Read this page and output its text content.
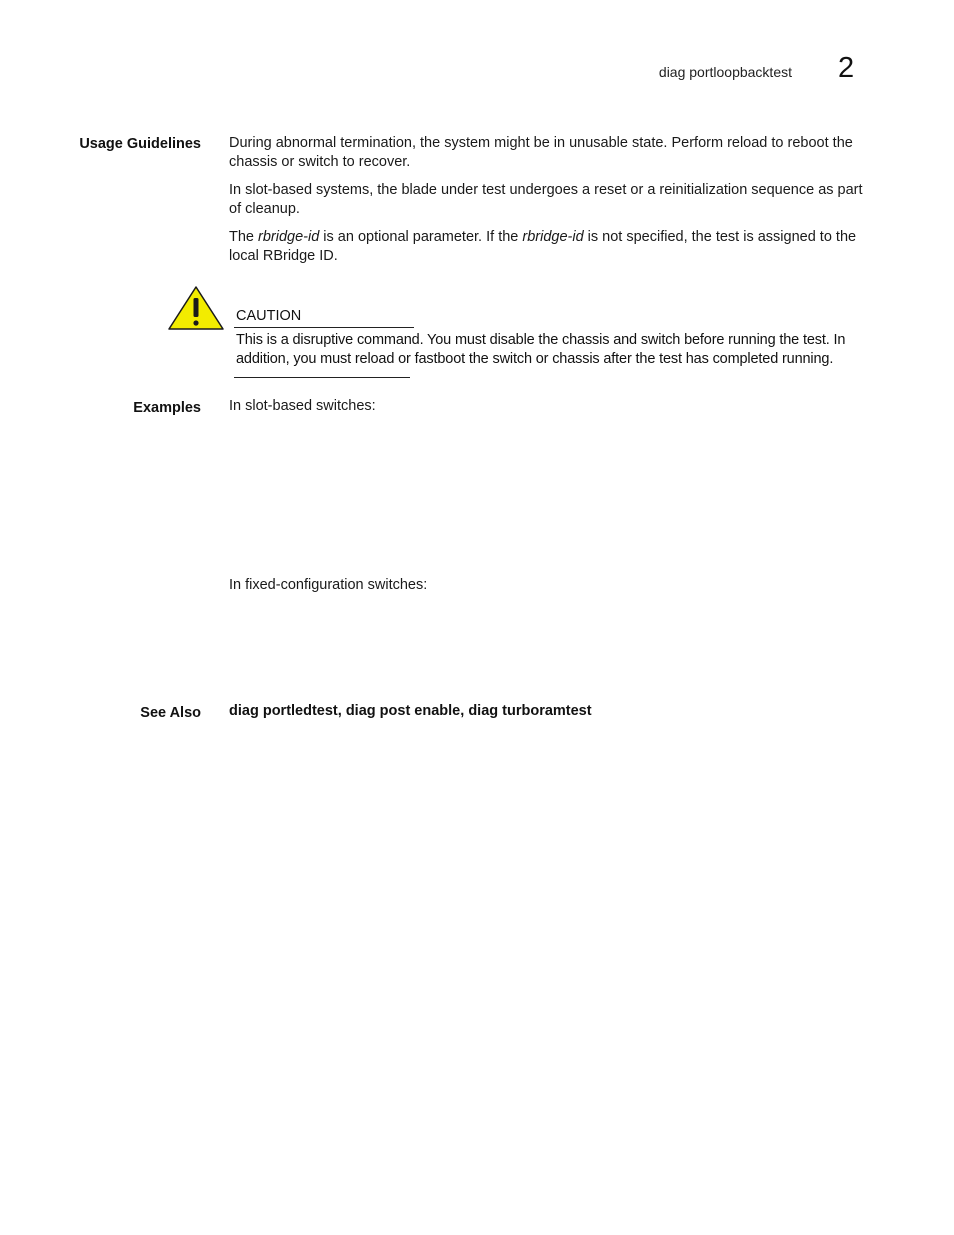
diag portloopbacktest 2
Usage Guidelines During abnormal termination, the system might be in unusable state. Perform reload to reboot the chassis or switch to recover.

In slot-based systems, the blade under test undergoes a reset or a reinitialization sequence as part of cleanup.

The rbridge-id is an optional parameter. If the rbridge-id is not specified, the test is assigned to the local RBridge ID.

CAUTION
This is a disruptive command. You must disable the chassis and switch before running the test. In addition, you must reload or fastboot the switch or chassis after the test has completed running.
Examples In slot-based switches:
In fixed-configuration switches:
See Also diag portledtest, diag post enable, diag turboramtest
